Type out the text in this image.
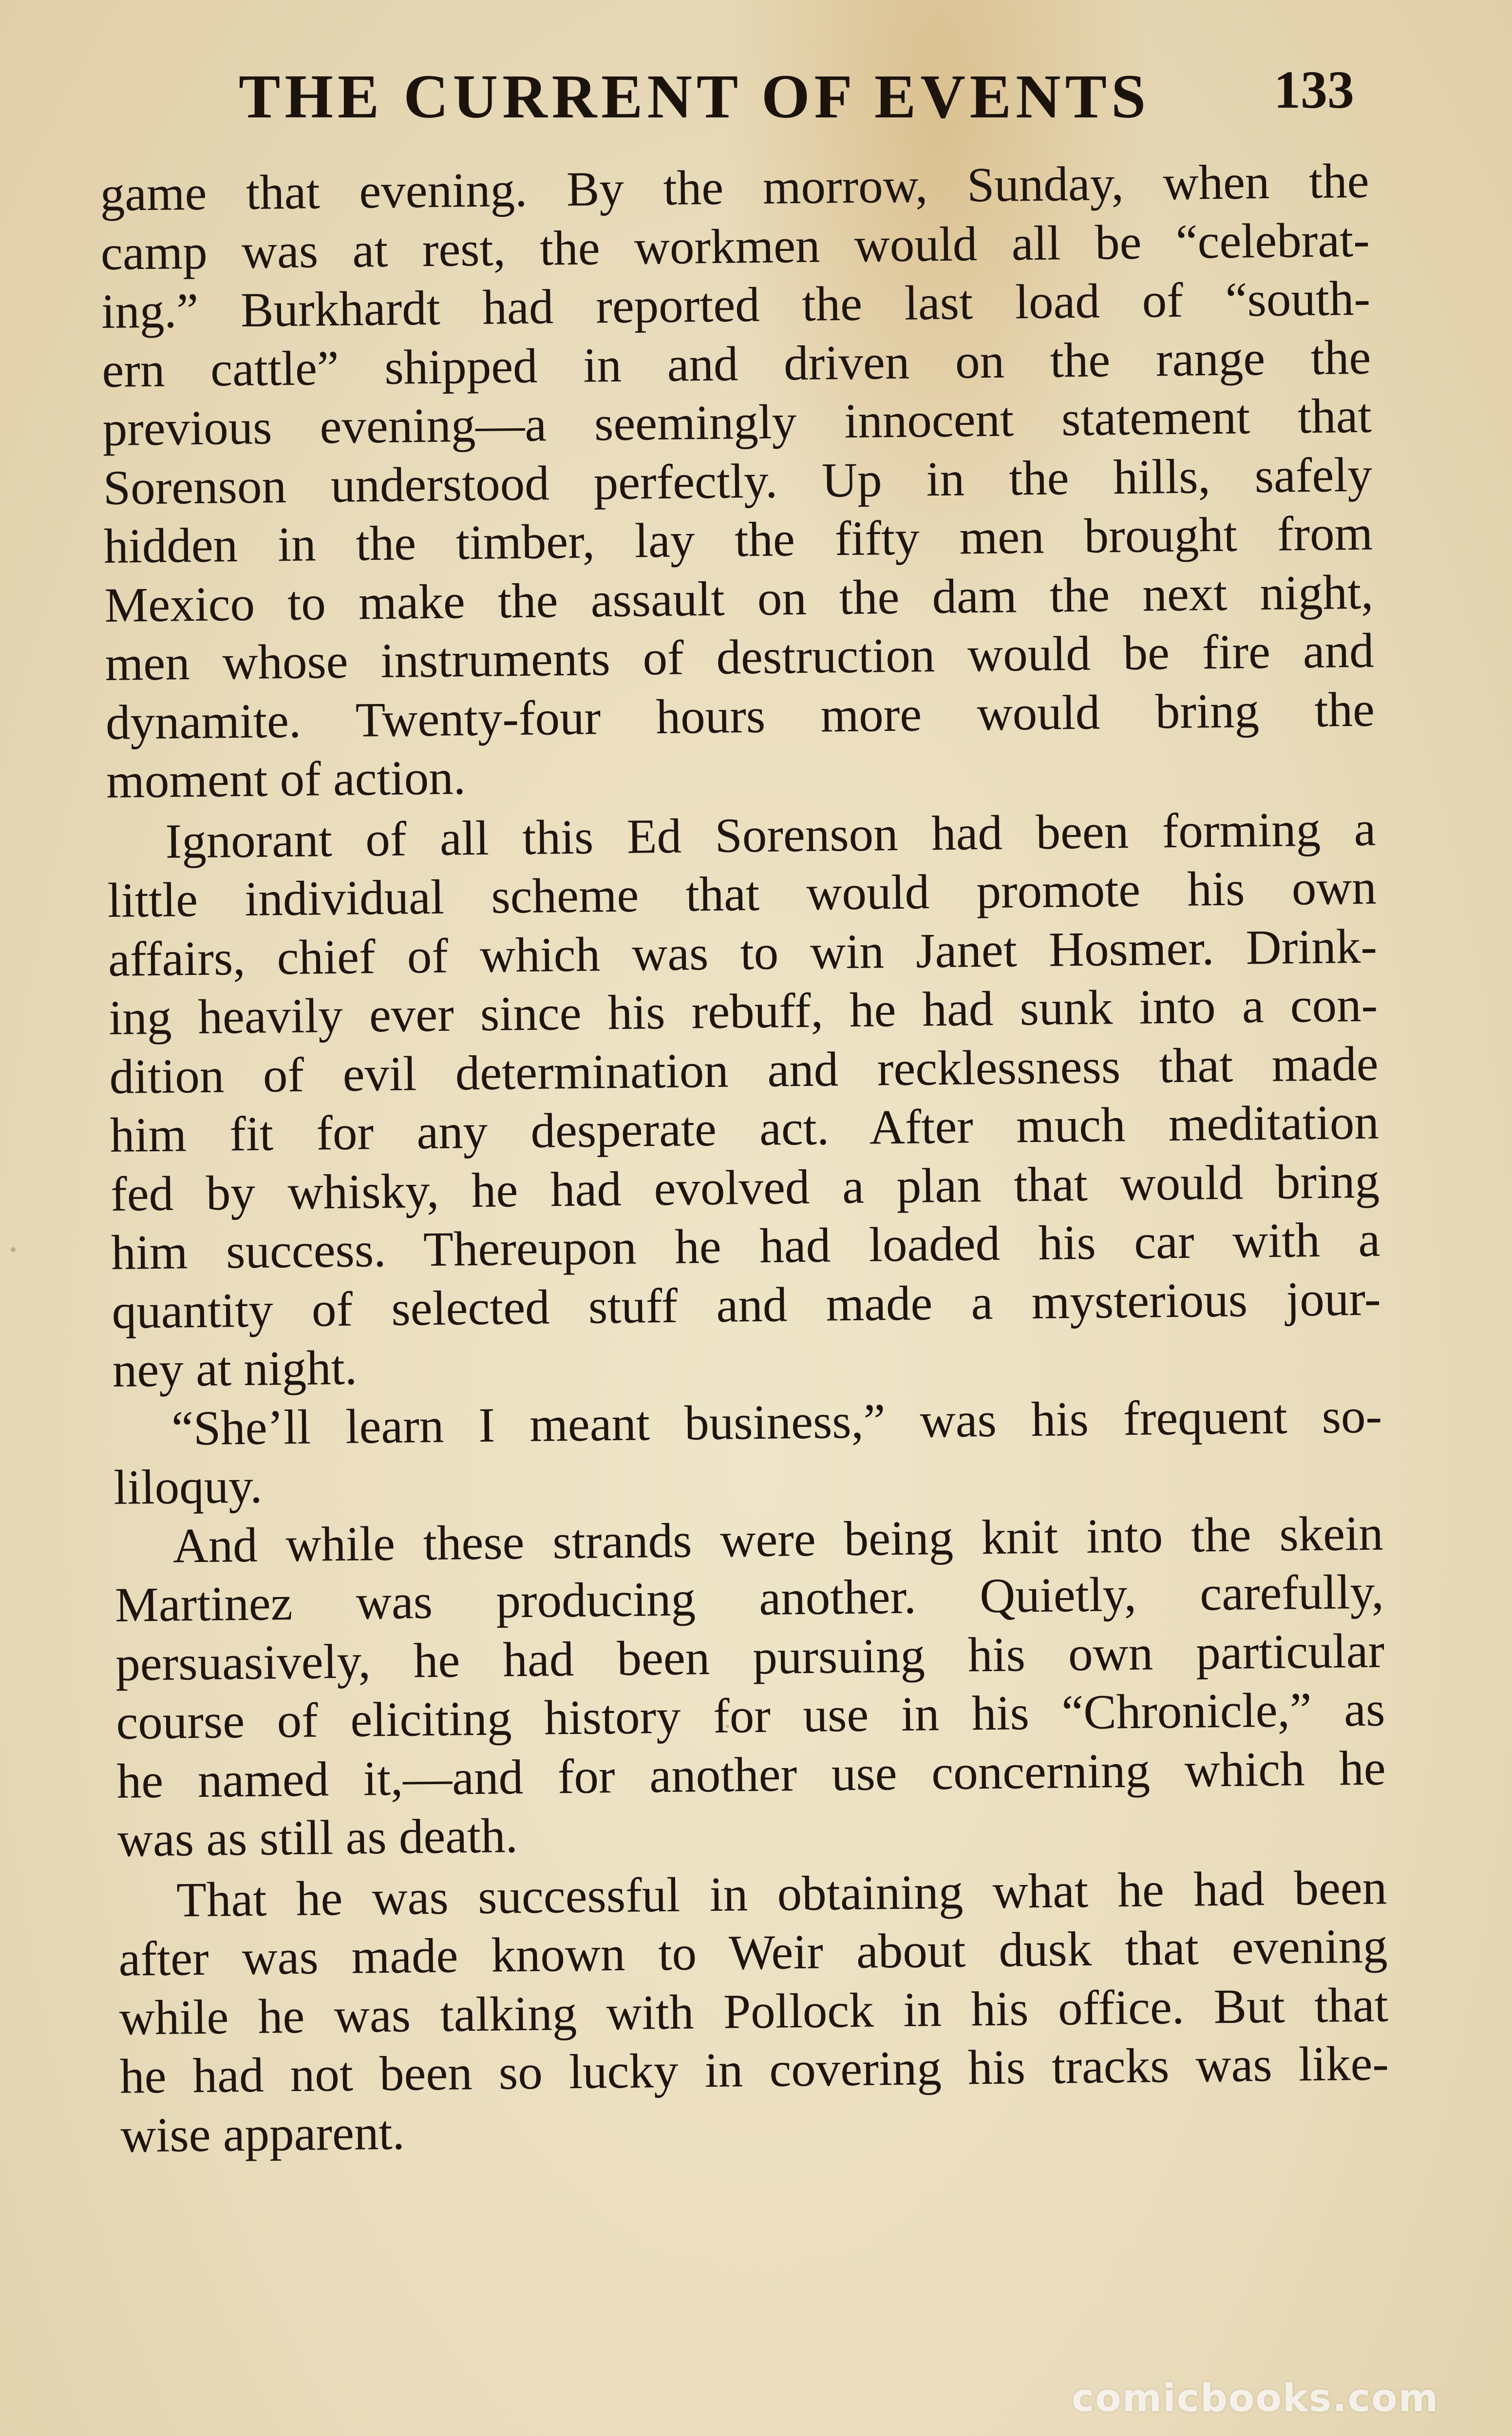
THE CURRENT OF EVENTS 133
game that evening. By the morrow, Sunday, when the
camp was at rest, the workmen would all be “celebrat-
ing.” Burkhardt had reported the last load of “south-
ern cattle” shipped in and driven on the range the
previous evening—a seemingly innocent statement that
Sorenson understood perfectly. Up in the hills, safely
hidden in the timber, lay the fifty men brought from
Mexico to make the assault on the dam the next night,
men whose instruments of destruction would be fire and
dynamite. Twenty-four hours more would bring the
moment of action.
Ignorant of all this Ed Sorenson had been forming a
little individual scheme that would promote his own
affairs, chief of which was to win Janet Hosmer. Drink-
ing heavily ever since his rebuff, he had sunk into a con-
dition of evil determination and recklessness that made
him fit for any desperate act. After much meditation
fed by whisky, he had evolved a plan that would bring
him success. Thereupon he had loaded his car with a
quantity of selected stuff and made a mysterious jour-
ney at night.
“She’ll learn I meant business,” was his frequent so-
liloquy.
And while these strands were being knit into the skein
Martinez was producing another. Quietly, carefully,
persuasively, he had been pursuing his own particular
course of eliciting history for use in his “Chronicle,” as
he named it,—and for another use concerning which he
was as still as death.
That he was successful in obtaining what he had been
after was made known to Weir about dusk that evening
while he was talking with Pollock in his office. But that
he had not been so lucky in covering his tracks was like-
wise apparent.
comicbooks.com
